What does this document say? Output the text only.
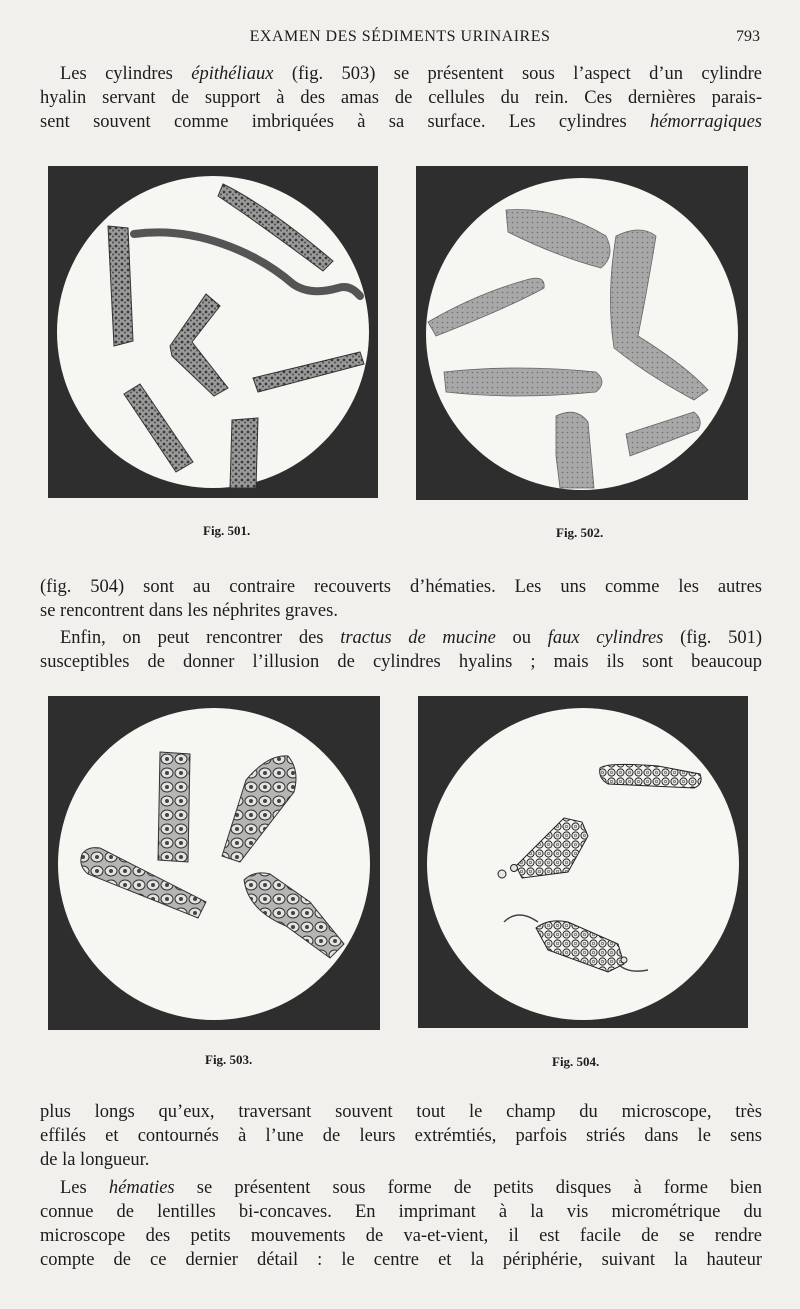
EXAMEN DES SÉDIMENTS URINAIRES	793
Les cylindres épithéliaux (fig. 503) se présentent sous l’aspect d’un cylindre
hyalin servant de support à des amas de cellules du rein. Ces dernières parais-
sent souvent comme imbriquées à sa surface. Les cylindres hémorragiques
Fig. 501.	Fig. 502.
(fig. 504) sont au contraire recouverts d’hématies. Les uns comme les autres
se rencontrent dans les néphrites graves.
Enfin, on peut rencontrer des tractus de mucine ou faux cylindres (fig. 501)
susceptibles de donner l’illusion de cylindres hyalins ; mais ils sont beaucoup
Fig. 503.	Fig. 504.
plus longs qu’eux, traversant souvent tout le champ du microscope, très
effilés et contournés à l’une de leurs extrémtiés, parfois striés dans le sens
de la longueur.
Les hématies se présentent sous forme de petits disques à forme bien
connue de lentilles bi-concaves. En imprimant à la vis micrométrique du
microscope des petits mouvements de va-et-vient, il est facile de se rendre
compte de ce dernier détail : le centre et la périphérie, suivant la hauteur
